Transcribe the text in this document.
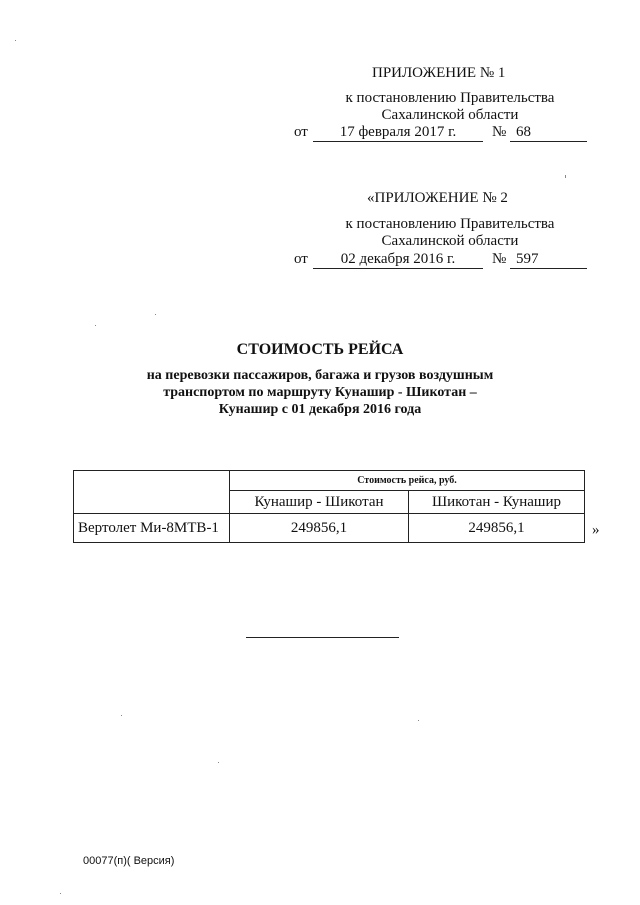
ПРИЛОЖЕНИЕ № 1
к постановлению Правительства
Сахалинской области
от	17 февраля 2017 г.	№ 68
«ПРИЛОЖЕНИЕ № 2
к постановлению Правительства
Сахалинской области
от	02 декабря 2016 г.	№ 597
СТОИМОСТЬ РЕЙСА
на перевозки пассажиров, багажа и грузов воздушным
транспортом по маршруту Кунашир - Шикотан –
Кунашир с 01 декабря 2016 года
	Стоимость рейса, руб.	
	Кунашир - Шикотан	Шикотан - Кунашир
Вертолет Ми-8МТВ-1	249856,1	249856,1	»
00077(п)( Версия)
